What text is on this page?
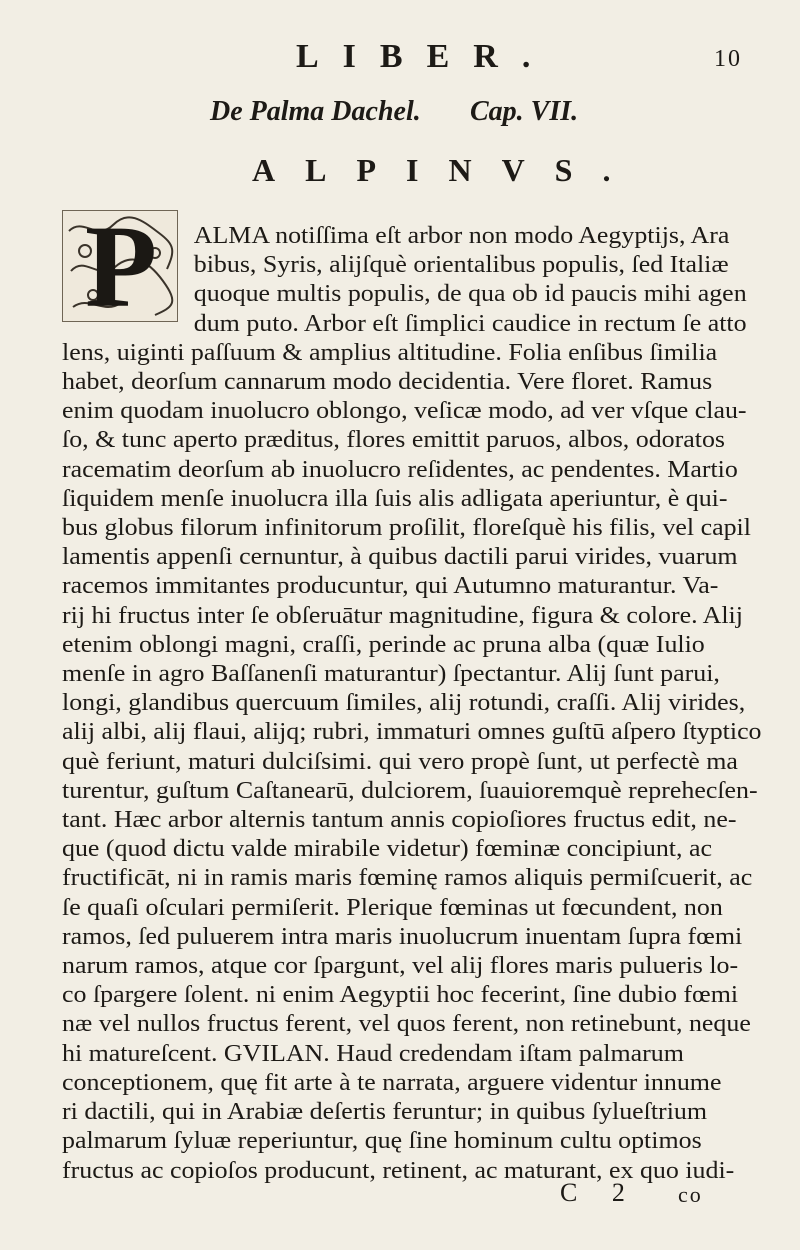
LIBER.	10
De Palma Dachel. Cap. VII.
ALPINVS.
P	ALMA notiſſima eſt arbor non modo Aegyptiјs, Ara
bibus, Syris, aliјſquè orientalibus populis, ſed Italiæ
quoque multis populis, de qua ob id paucis mihi agen
dum puto. Arbor eſt ſimplici caudice in rectum ſe atto
lens, uiginti paſſuum & amplius altitudine. Folia enſibus ſimilia
habet, deorſum cannarum modo decidentia. Vere floret. Ramus
enim quodam inuolucro oblongo, veſicæ modo, ad ver vſque clau-
ſo, & tunc aperto præditus, flores emittit paruos, albos, odoratos
racematim deorſum ab inuolucro reſidentes, ac pendentes. Martio
ſiquidem menſe inuolucra illa ſuis alis adligata aperiuntur, è qui-
bus globus filorum infinitorum proſilit, floreſquè his filis, vel capil
lamentis appenſi cernuntur, à quibus dactili parui virides, vuarum
racemos immitantes producuntur, qui Autumno maturantur. Va-
riј hi fructus inter ſe obſeruātur magnitudine, figura & colore. Aliј
etenim oblongi magni, craſſi, perinde ac pruna alba (quæ Iulio
menſe in agro Baſſanenſi maturantur) ſpectantur. Aliј ſunt parui,
longi, glandibus quercuum ſimiles, aliј rotundi, craſſi. Aliј virides,
aliј albi, aliј flaui, aliјq; rubri, immaturi omnes guſtū aſpero ſtyptico
què feriunt, maturi dulciſsimi. qui vero propè ſunt, ut perfectè ma
turentur, guſtum Caſtanearū, dulciorem, ſuauioremquè reprehecſen-
tant. Hæc arbor alternis tantum annis copioſiores fructus edit, ne-
que (quod dictu valde mirabile videtur) fœminæ concipiunt, ac
fructificāt, ni in ramis maris fœminę ramos aliquis permiſcuerit, ac
ſe quaſi oſculari permiſerit. Plerique fœminas ut fœcundent, non
ramos, ſed puluerem intra maris inuolucrum inuentam ſupra fœmi
narum ramos, atque cor ſpargunt, vel aliј flores maris pulueris lo-
co ſpargere ſolent. ni enim Aegyptii hoc fecerint, ſine dubio fœmi
næ vel nullos fructus ferent, vel quos ferent, non retinebunt, neque
hi matureſcent. GVILAN. Haud credendam iſtam palmarum
conceptionem, quę fit arte à te narrata, arguere videntur innume
ri dactili, qui in Arabiæ deſertis feruntur; in quibus ſylueſtrium
palmarum ſyluæ reperiuntur, quę ſine hominum cultu optimos
fructus ac copioſos producunt, retinent, ac maturant, ex quo iudi-
C 2 co
